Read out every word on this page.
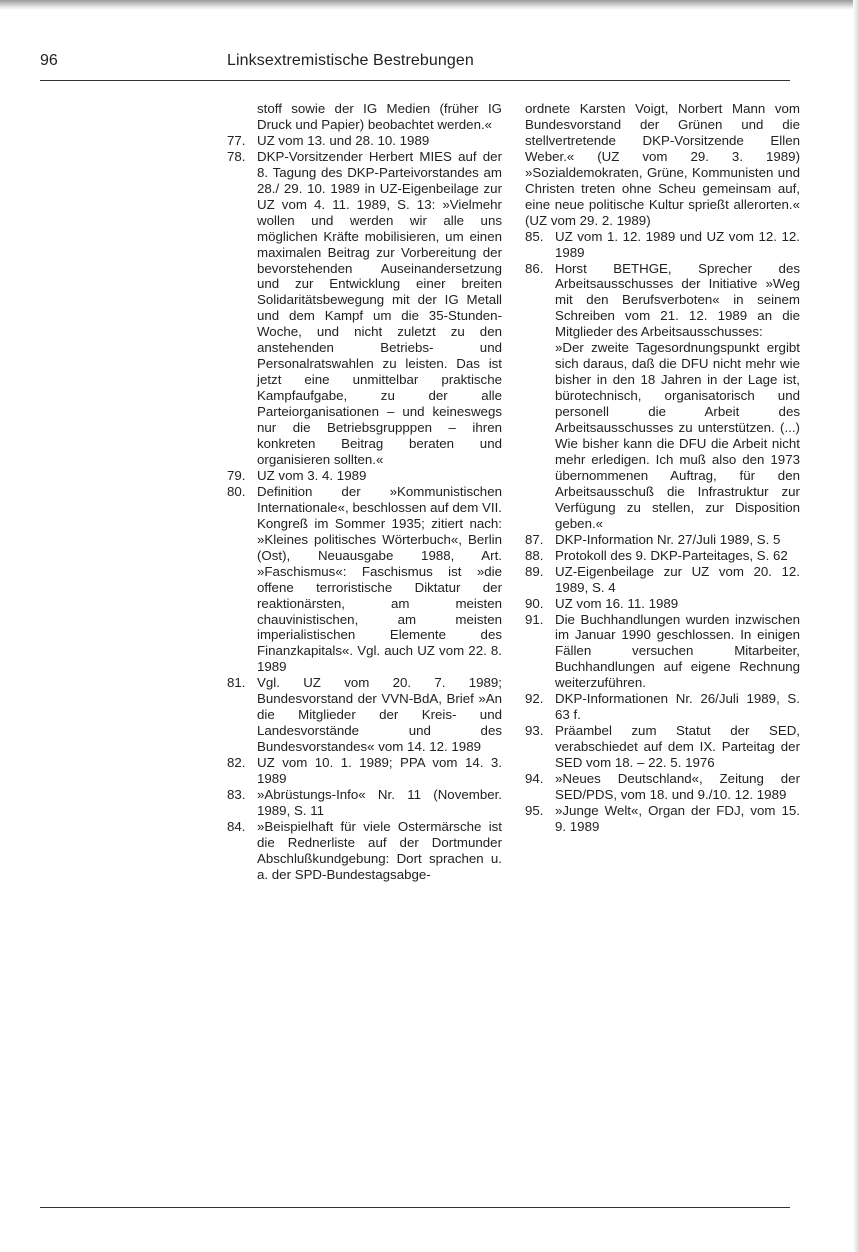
96	Linksextremistische Bestrebungen
stoff sowie der IG Medien (früher IG Druck und Papier) beobachtet werden.«
77. UZ vom 13. und 28. 10. 1989
78. DKP-Vorsitzender Herbert MIES auf der 8. Tagung des DKP-Parteivorstandes am 28./ 29. 10. 1989 in UZ-Eigenbeilage zur UZ vom 4. 11. 1989, S. 13: »Vielmehr wollen und werden wir alle uns möglichen Kräfte mobilisieren, um einen maximalen Beitrag zur Vorbereitung der bevorstehenden Auseinandersetzung und zur Entwicklung einer breiten Solidaritätsbewegung mit der IG Metall und dem Kampf um die 35-Stunden-Woche, und nicht zuletzt zu den anstehenden Betriebs- und Personalratswahlen zu leisten. Das ist jetzt eine unmittelbar praktische Kampfaufgabe, zu der alle Parteiorganisationen – und keineswegs nur die Betriebsgrupppen – ihren konkreten Beitrag beraten und organisieren sollten.«
79. UZ vom 3. 4. 1989
80. Definition der »Kommunistischen Internationale«, beschlossen auf dem VII. Kongreß im Sommer 1935; zitiert nach: »Kleines politisches Wörterbuch«, Berlin (Ost), Neuausgabe 1988, Art. »Faschismus«: Faschismus ist »die offene terroristische Diktatur der reaktionärsten, am meisten chauvinistischen, am meisten imperialistischen Elemente des Finanzkapitals«. Vgl. auch UZ vom 22. 8. 1989
81. Vgl. UZ vom 20. 7. 1989; Bundesvorstand der VVN-BdA, Brief »An die Mitglieder der Kreis- und Landesvorstände und des Bundesvorstandes« vom 14. 12. 1989
82. UZ vom 10. 1. 1989; PPA vom 14. 3. 1989
83. »Abrüstungs-Info« Nr. 11 (November. 1989, S. 11
84. »Beispielhaft für viele Ostermärsche ist die Rednerliste auf der Dortmunder Abschlußkundgebung: Dort sprachen u. a. der SPD-Bundestagsabge-
ordnete Karsten Voigt, Norbert Mann vom Bundesvorstand der Grünen und die stellvertretende DKP-Vorsitzende Ellen Weber.« (UZ vom 29. 3. 1989) »Sozialdemokraten, Grüne, Kommunisten und Christen treten ohne Scheu gemeinsam auf, eine neue politische Kultur sprießt allerorten.« (UZ vom 29. 2. 1989)
85. UZ vom 1. 12. 1989 und UZ vom 12. 12. 1989
86. Horst BETHGE, Sprecher des Arbeitsausschusses der Initiative »Weg mit den Berufsverboten« in seinem Schreiben vom 21. 12. 1989 an die Mitglieder des Arbeitsausschusses:
»Der zweite Tagesordnungspunkt ergibt sich daraus, daß die DFU nicht mehr wie bisher in den 18 Jahren in der Lage ist, bürotechnisch, organisatorisch und personell die Arbeit des Arbeitsausschusses zu unterstützen. (...) Wie bisher kann die DFU die Arbeit nicht mehr erledigen. Ich muß also den 1973 übernommenen Auftrag, für den Arbeitsausschuß die Infrastruktur zur Verfügung zu stellen, zur Disposition geben.«
87. DKP-Information Nr. 27/Juli 1989, S. 5
88. Protokoll des 9. DKP-Parteitages, S. 62
89. UZ-Eigenbeilage zur UZ vom 20. 12. 1989, S. 4
90. UZ vom 16. 11. 1989
91. Die Buchhandlungen wurden inzwischen im Januar 1990 geschlossen. In einigen Fällen versuchen Mitarbeiter, Buchhandlungen auf eigene Rechnung weiterzuführen.
92. DKP-Informationen Nr. 26/Juli 1989, S. 63 f.
93. Präambel zum Statut der SED, verabschiedet auf dem IX. Parteitag der SED vom 18. – 22. 5. 1976
94. »Neues Deutschland«, Zeitung der SED/PDS, vom 18. und 9./10. 12. 1989
95. »Junge Welt«, Organ der FDJ, vom 15. 9. 1989
